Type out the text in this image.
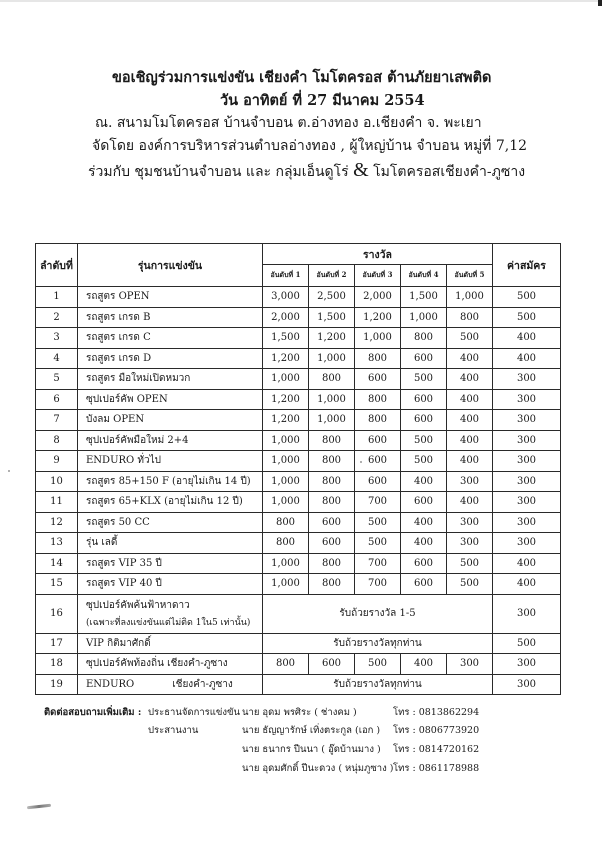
ขอเชิญร่วมการแข่งขัน เชียงคำ โมโตครอส ต้านภัยยาเสพติด
วัน อาทิตย์ ที่ 27 มีนาคม 2554
ณ. สนามโมโตครอส บ้านจำบอน ต.อ่างทอง อ.เชียงคำ จ. พะเยา
จัดโดย องค์การบริหารส่วนตำบลอ่างทอง , ผู้ใหญ่บ้าน จำบอน หมู่ที่ 7,12
ร่วมกับ ชุมชนบ้านจำบอน และ กลุ่มเอ็นดูโร่ & โมโตครอสเชียงคำ-ภูซาง
ลำดับที่	รุ่นการแข่งขัน	รางวัล					ค่าสมัคร
		อันดับที่ 1	อันดับที่ 2	อันดับที่ 3	อันดับที่ 4	อันดับที่ 5	
1	รถสูตร OPEN	3,000	2,500	2,000	1,500	1,000	500
2	รถสูตร เกรด B	2,000	1,500	1,200	1,000	800	500
3	รถสูตร เกรด C	1,500	1,200	1,000	800	500	400
4	รถสูตร เกรด D	1,200	1,000	800	600	400	400
5	รถสูตร มือใหม่เปิดหมวก	1,000	800	600	500	400	300
6	ซุปเปอร์คัพ OPEN	1,200	1,000	800	600	400	300
7	บังลม OPEN	1,200	1,000	800	600	400	300
8	ซุปเปอร์คัพมือใหม่ 2+4	1,000	800	600	500	400	300
9	ENDURO ทั่วไป	1,000	800	600	500	400	300
10	รถสูตร 85+150 F (อายุไม่เกิน 14 ปี)	1,000	800	600	400	300	300
11	รถสูตร 65+KLX (อายุไม่เกิน 12 ปี)	1,000	800	700	600	400	300
12	รถสูตร 50 CC	800	600	500	400	300	300
13	รุ่น เลดี้	800	600	500	400	300	300
14	รถสูตร VIP 35 ปี	1,000	800	700	600	500	400
15	รถสูตร VIP 40 ปี	1,000	800	700	600	500	400
16	ซุปเปอร์คัพค้นฟ้าหาดาว
(เฉพาะที่ลงแข่งขันแต่ไม่ติด 1ใน5 เท่านั้น)	รับถ้วยรางวัล 1-5					300
17	VIP กิติมาศักดิ์	รับถ้วยรางวัลทุกท่าน					500
18	ซุปเปอร์คัพท้องถิ่น เชียงคำ-ภูซาง	800	600	500	400	300	300
19	ENDURO เชียงคำ-ภูซาง	รับถ้วยรางวัลทุกท่าน					300
ติดต่อสอบถามเพิ่มเติม : ประธานจัดการแข่งขัน
ประสานงาน
นาย อุดม พรศิระ ( ช่างคม )	โทร : 0813862294
นาย ธัญญารักษ์ เทิ่งตระกูล (เอก ) โทร : 0806773920
นาย ธนากร ปีนนา ( อู๊ดบ้านมาง ) โทร : 0814720162
นาย อุดมศักดิ์ ปีนะดวง ( หนุ่มภูซาง ) โทร : 0861178988
